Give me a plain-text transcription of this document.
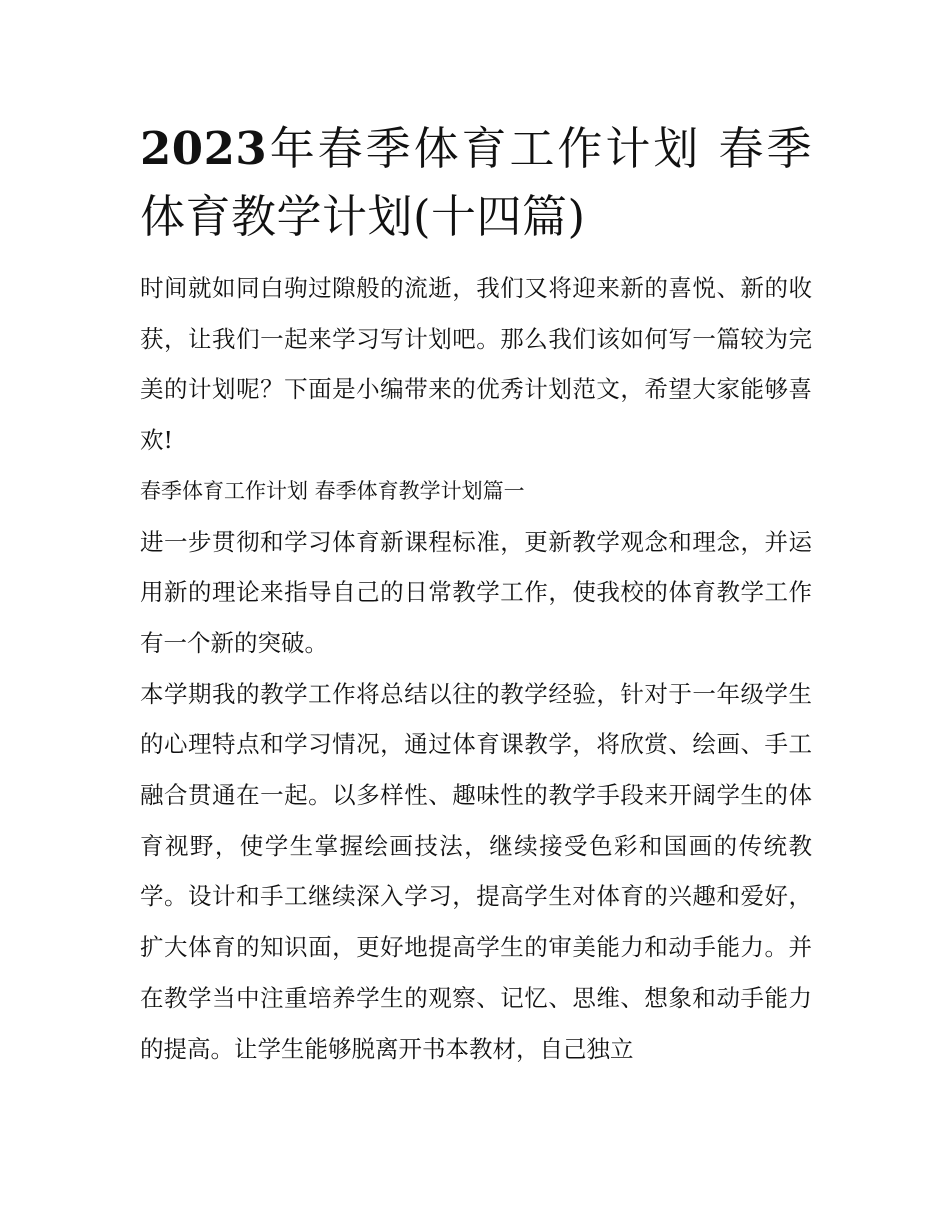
2023年春季体育工作计划 春季体育教学计划(十四篇)

时间就如同白驹过隙般的流逝，我们又将迎来新的喜悦、新的收获，让我们一起来学习写计划吧。那么我们该如何写一篇较为完美的计划呢？下面是小编带来的优秀计划范文，希望大家能够喜欢!

春季体育工作计划 春季体育教学计划篇一

进一步贯彻和学习体育新课程标准，更新教学观念和理念，并运用新的理论来指导自己的日常教学工作，使我校的体育教学工作有一个新的突破。

本学期我的教学工作将总结以往的教学经验，针对于一年级学生的心理特点和学习情况，通过体育课教学，将欣赏、绘画、手工融合贯通在一起。以多样性、趣味性的教学手段来开阔学生的体育视野，使学生掌握绘画技法，继续接受色彩和国画的传统教学。设计和手工继续深入学习，提高学生对体育的兴趣和爱好，扩大体育的知识面，更好地提高学生的审美能力和动手能力。并在教学当中注重培养学生的观察、记忆、思维、想象和动手能力的提高。让学生能够脱离开书本教材，自己独立
